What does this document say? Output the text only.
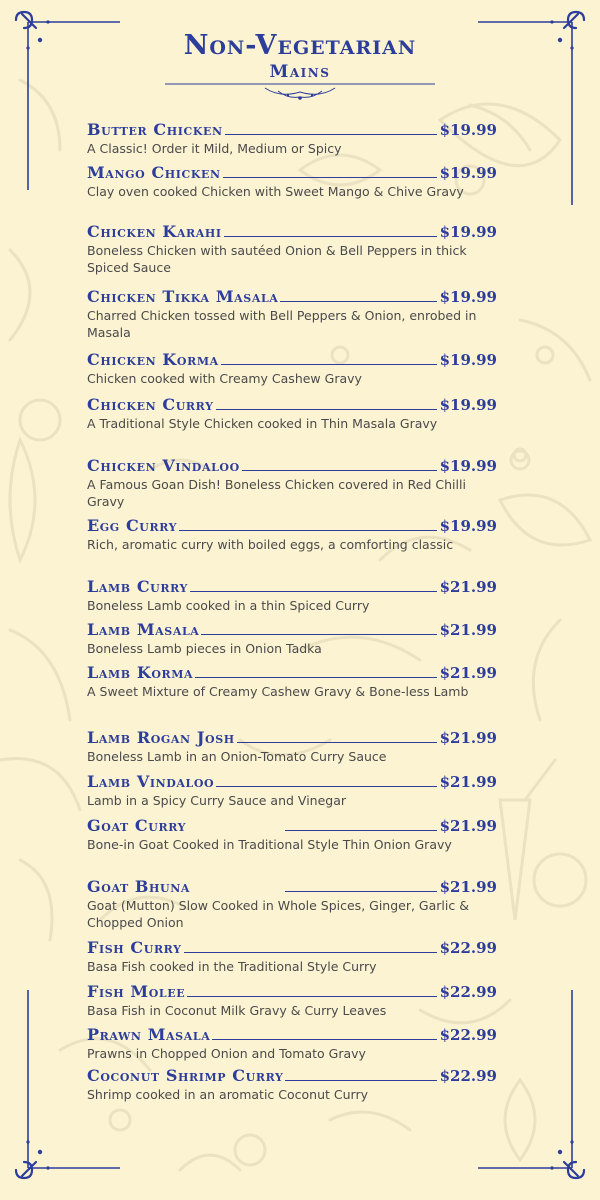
Non-Vegetarian
Mains
Butter Chicken	$19.99
A Classic! Order it Mild, Medium or Spicy
Mango Chicken	$19.99
Clay oven cooked Chicken with Sweet Mango & Chive Gravy
Chicken Karahi	$19.99
Boneless Chicken with sautéed Onion & Bell Peppers in thick Spiced Sauce
Chicken Tikka Masala	$19.99
Charred Chicken tossed with Bell Peppers & Onion, enrobed in Masala
Chicken Korma	$19.99
Chicken cooked with Creamy Cashew Gravy
Chicken Curry	$19.99
A Traditional Style Chicken cooked in Thin Masala Gravy
Chicken Vindaloo	$19.99
A Famous Goan Dish! Boneless Chicken covered in Red Chilli Gravy
Egg Curry	$19.99
Rich, aromatic curry with boiled eggs, a comforting classic
Lamb Curry	$21.99
Boneless Lamb cooked in a thin Spiced Curry
Lamb Masala	$21.99
Boneless Lamb pieces in Onion Tadka
Lamb Korma	$21.99
A Sweet Mixture of Creamy Cashew Gravy & Bone-less Lamb
Lamb Rogan Josh	$21.99
Boneless Lamb in an Onion-Tomato Curry Sauce
Lamb Vindaloo	$21.99
Lamb in a Spicy Curry Sauce and Vinegar
Goat Curry	$21.99
Bone-in Goat Cooked in Traditional Style Thin Onion Gravy
Goat Bhuna	$21.99
Goat (Mutton) Slow Cooked in Whole Spices, Ginger, Garlic & Chopped Onion
Fish Curry	$22.99
Basa Fish cooked in the Traditional Style Curry
Fish Molee	$22.99
Basa Fish in Coconut Milk Gravy & Curry Leaves
Prawn Masala	$22.99
Prawns in Chopped Onion and Tomato Gravy
Coconut Shrimp Curry	$22.99
Shrimp cooked in an aromatic Coconut Curry
